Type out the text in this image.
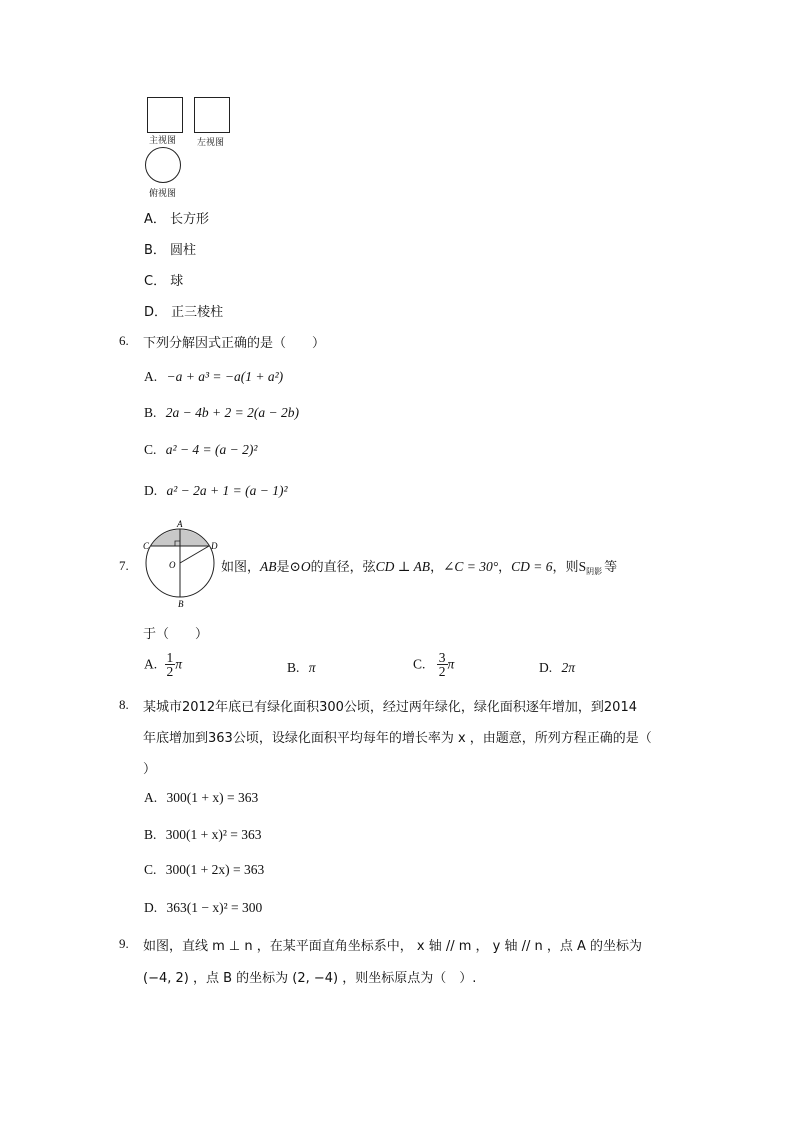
主视图 左视图
俯视图
A． 长方形
B． 圆柱
C． 球
D． 正三棱柱
6. 下列分解因式正确的是（　　）
A. −a + a³ = −a(1 + a²)
B. 2a − 4b + 2 = 2(a − 2b)
C. a² − 4 = (a − 2)²
D. a² − 2a + 1 = (a − 1)²
7.
A
C	D
O
B
如图，AB是⊙O的直径，弦CD ⊥ AB，∠C = 30°，CD = 6，则$S_{阴影}$ 等
于（　　）
A. $\frac{1}{2}$ π	B. π	C. $\frac{3}{2}$ π	D. 2π
8. 某城市2012年底已有绿化面积300公顷，经过两年绿化，绿化面积逐年增加，到2014
年底增加到363公顷，设绿化面积平均每年的增长率为 x ，由题意，所列方程正确的是（
）
A. 300(1 + x) = 363
B. 300(1 + x)² = 363
C. 300(1 + 2x) = 363
D. 363(1 − x)² = 300
9. 如图，直线 m ⊥ n ，在某平面直角坐标系中， x 轴 // m ， y 轴 // n ，点 A 的坐标为
(−4, 2) ，点 B 的坐标为 (2, −4) ，则坐标原点为（　）.
